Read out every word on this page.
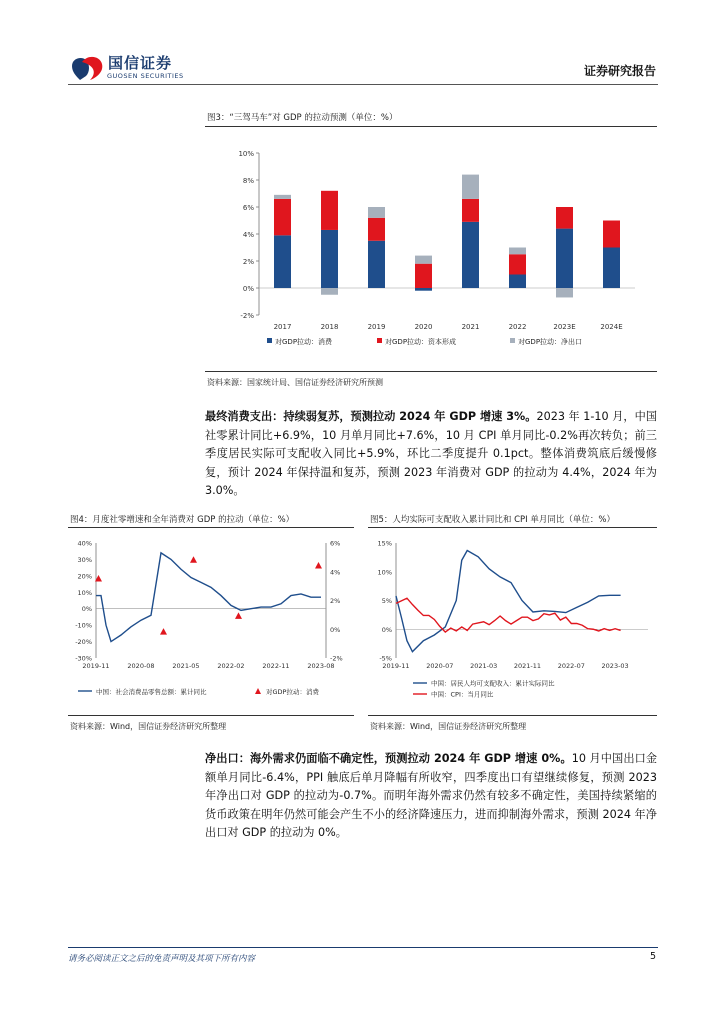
国信证券
GUOSEN SECURITIES	证券研究报告
图3：“三驾马车”对 GDP 的拉动预测（单位：%）
10%
8%
6%
4%
2%
0%
-2%
2017	2018	2019	2020	2021	2022	2023E	2024E
对GDP拉动：消费	对GDP拉动：资本形成	对GDP拉动：净出口
资料来源：国家统计局、国信证券经济研究所预测
最终消费支出：持续弱复苏，预测拉动 2024 年 GDP 增速 3%。2023 年 1-10 月，中国社零累计同比+6.9%，10 月单月同比+7.6%，10 月 CPI 单月同比-0.2%再次转负；前三季度居民实际可支配收入同比+5.9%，环比二季度提升 0.1pct。整体消费筑底后缓慢修复，预计 2024 年保持温和复苏，预测 2023 年消费对 GDP 的拉动为 4.4%，2024 年为 3.0%。
图4：月度社零增速和全年消费对 GDP 的拉动（单位：%）
40%
30%
20%
10%
0%
-10%
-20%
-30%
6%
4%
2%
0%
-2%
2019-11	2020-08	2021-05	2022-02	2022-11	2023-08
中国：社会消费品零售总额：累计同比	对GDP拉动：消费
资料来源：Wind，国信证券经济研究所整理
图5：人均实际可支配收入累计同比和 CPI 单月同比（单位：%）
15%
10%
5%
0%
-5%
2019-11	2020-07	2021-03	2021-11	2022-07	2023-03
中国：居民人均可支配收入：累计实际同比
中国：CPI：当月同比
资料来源：Wind，国信证券经济研究所整理
净出口：海外需求仍面临不确定性，预测拉动 2024 年 GDP 增速 0%。10 月中国出口金额单月同比-6.4%，PPI 触底后单月降幅有所收窄，四季度出口有望继续修复，预测 2023 年净出口对 GDP 的拉动为-0.7%。而明年海外需求仍然有较多不确定性，美国持续紧缩的货币政策在明年仍然可能会产生不小的经济降速压力，进而抑制海外需求，预测 2024 年净出口对 GDP 的拉动为 0%。
请务必阅读正文之后的免责声明及其项下所有内容	5
